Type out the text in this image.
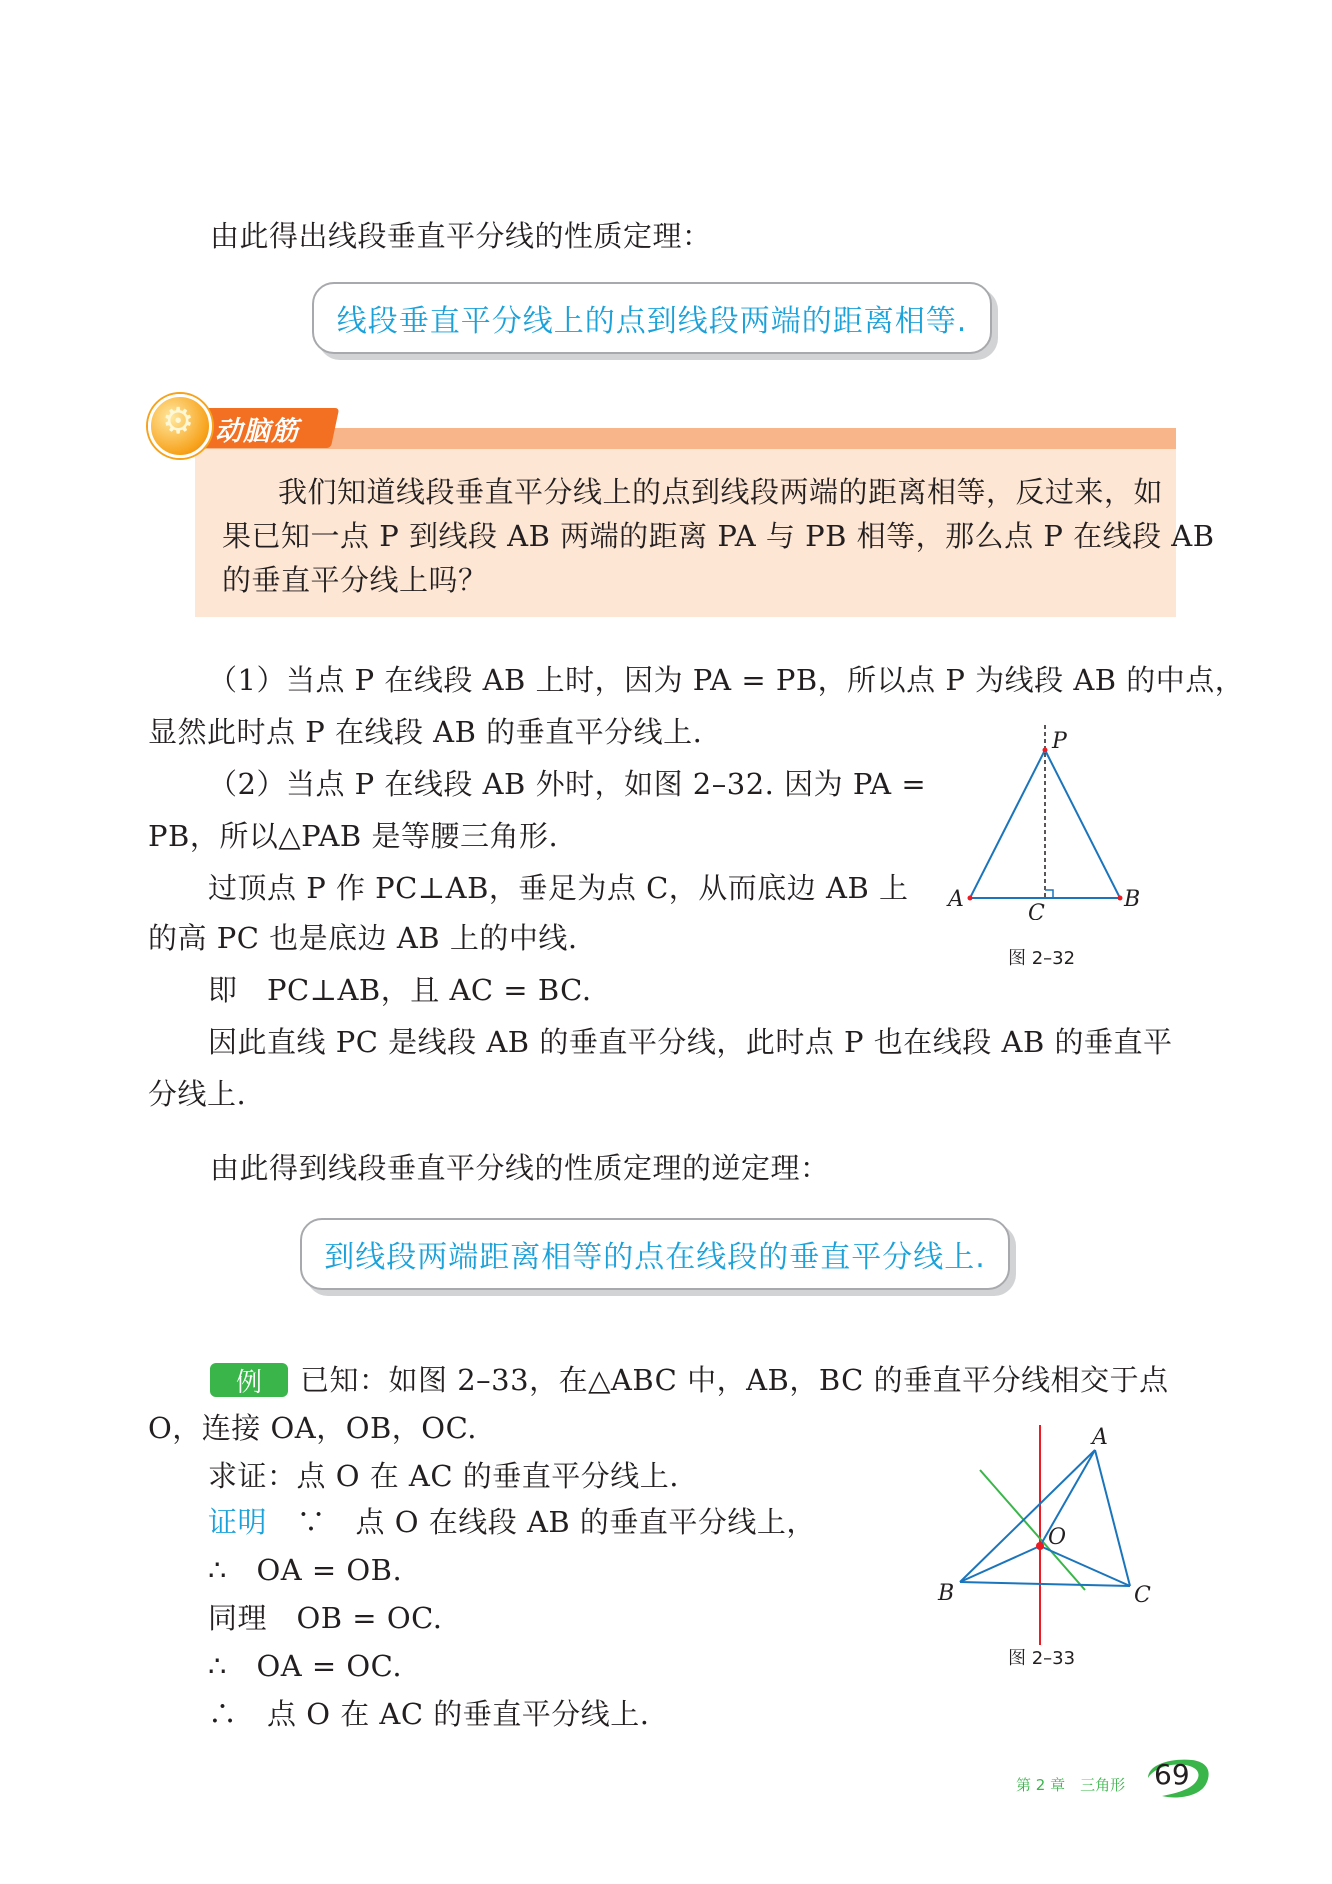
由此得出线段垂直平分线的性质定理：

线段垂直平分线上的点到线段两端的距离相等.
⚙ 动脑筋

我们知道线段垂直平分线上的点到线段两端的距离相等，反过来，如

果已知一点 P 到线段 AB 两端的距离 PA 与 PB 相等，那么点 P 在线段 AB

的垂直平分线上吗？

（1）当点 P 在线段 AB 上时，因为 PA = PB，所以点 P 为线段 AB 的中点，

显然此时点 P 在线段 AB 的垂直平分线上.

（2）当点 P 在线段 AB 外时，如图 2–32. 因为 PA =

PB，所以△PAB 是等腰三角形.

过顶点 P 作 PC⊥AB，垂足为点 C，从而底边 AB 上

的高 PC 也是底边 AB 上的中线.

即　PC⊥AB，且 AC = BC.

因此直线 PC 是线段 AB 的垂直平分线，此时点 P 也在线段 AB 的垂直平

分线上.

P
A	B
C
图 2–32

由此得到线段垂直平分线的性质定理的逆定理：

到线段两端距离相等的点在线段的垂直平分线上.
例	已知：如图 2–33，在△ABC 中，AB，BC 的垂直平分线相交于点

O，连接 OA，OB，OC.

求证：点 O 在 AC 的垂直平分线上.

证明　 ∵　点 O 在线段 AB 的垂直平分线上，

∴　OA = OB.

同理　OB = OC.

∴　OA = OC.

∴　点 O 在 AC 的垂直平分线上.

A
B	C
O
图 2–33
第 2 章　三角形 69
